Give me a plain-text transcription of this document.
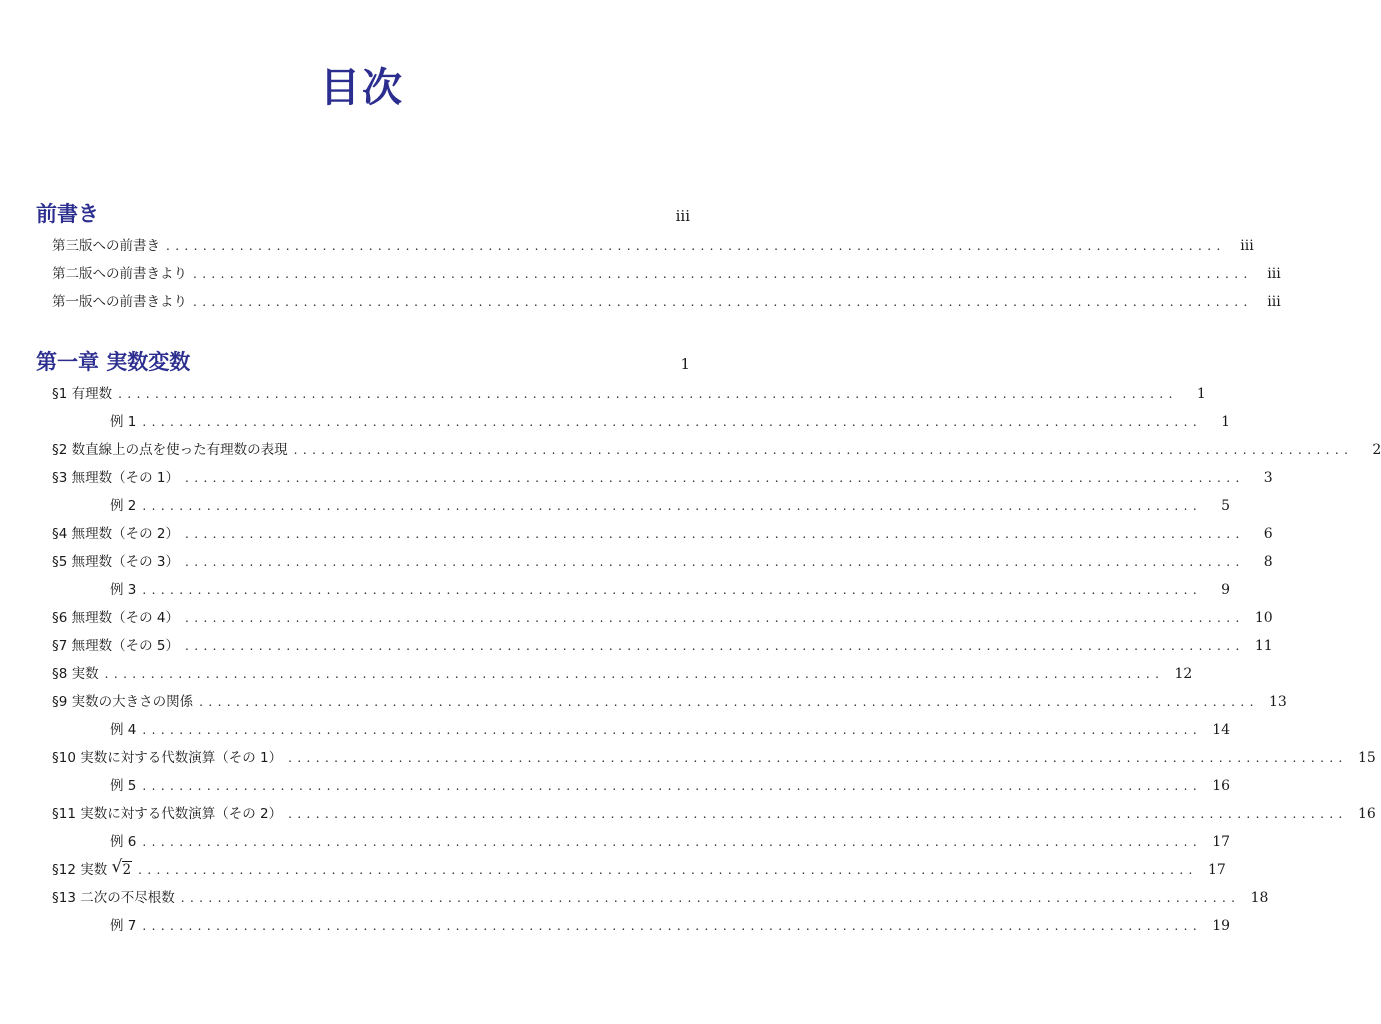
目次
前書き	iii
第三版への前書き ...................................................................................................................	iii
第二版への前書きより ...................................................................................................................	iii
第一版への前書きより ...................................................................................................................	iii
第一章 実数変数	1
§1 有理数 ...................................................................................................................	1
例 1 ...................................................................................................................	1
§2 数直線上の点を使った有理数の表現 ...................................................................................................................	2
§3 無理数（その 1） ...................................................................................................................	3
例 2 ...................................................................................................................	5
§4 無理数（その 2） ...................................................................................................................	6
§5 無理数（その 3） ...................................................................................................................	8
例 3 ...................................................................................................................	9
§6 無理数（その 4） ................................................................................................................... 10
§7 無理数（その 5） ................................................................................................................... 11
§8 実数 ................................................................................................................... 12
§9 実数の大きさの関係 ................................................................................................................... 13
例 4 ................................................................................................................... 14
§10 実数に対する代数演算（その 1） ................................................................................................................... 15
例 5 ................................................................................................................... 16
§11 実数に対する代数演算（その 2） ................................................................................................................... 16
例 6 ................................................................................................................... 17
§12 実数 √ 2 ................................................................................................................... 17
§13 二次の不尽根数 ................................................................................................................... 18
例 7 ................................................................................................................... 19
